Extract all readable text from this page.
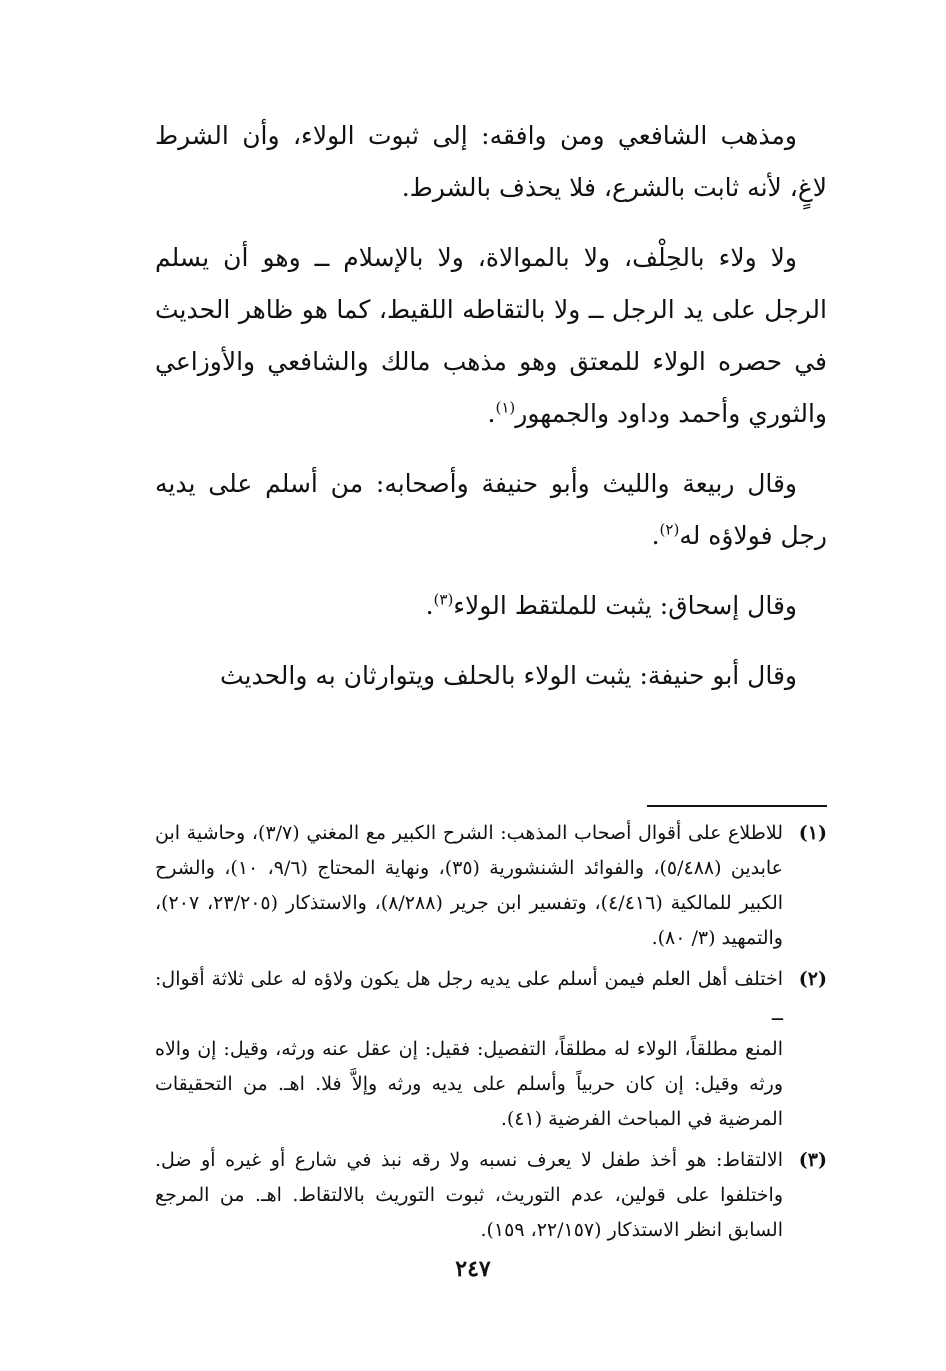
ومذهب الشافعي ومن وافقه: إلى ثبوت الولاء، وأن الشرط لاغٍ، لأنه ثابت بالشرع، فلا يحذف بالشرط.

ولا ولاء بالحِلْف، ولا بالموالاة، ولا بالإسلام ــ وهو أن يسلم الرجل على يد الرجل ــ ولا بالتقاطه اللقيط، كما هو ظاهر الحديث في حصره الولاء للمعتق وهو مذهب مالك والشافعي والأوزاعي والثوري وأحمد وداود والجمهور$^{(١)}$.

وقال ربيعة والليث وأبو حنيفة وأصحابه: من أسلم على يديه رجل فولاؤه له$^{(٢)}$.

وقال إسحاق: يثبت للملتقط الولاء$^{(٣)}$.

وقال أبو حنيفة: يثبت الولاء بالحلف ويتوارثان به والحديث

(١)
للاطلاع على أقوال أصحاب المذهب: الشرح الكبير مع المغني (٣/٧)، وحاشية ابن عابدين (٥/٤٨٨)، والفوائد الشنشورية (٣٥)، ونهاية المحتاج (٩/٦، ١٠)، والشرح الكبير للمالكية (٤/٤١٦)، وتفسير ابن جرير (٨/٢٨٨)، والاستذكار (٢٣/٢٠٥، ٢٠٧)، والتمهيد (٣/ ٨٠).
(٢)
اختلف أهل العلم فيمن أسلم على يديه رجل هل يكون ولاؤه له على ثلاثة أقوال: ــ
المنع مطلقاً، الولاء له مطلقاً، التفصيل: فقيل: إن عقل عنه ورثه، وقيل: إن والاه ورثه وقيل: إن كان حربياً وأسلم على يديه ورثه وإلاَّ فلا. اهـ. من التحقيقات المرضية في المباحث الفرضية (٤١).
(٣)
الالتقاط: هو أخذ طفل لا يعرف نسبه ولا رقه نبذ في شارع أو غيره أو ضل. واختلفوا على قولين، عدم التوريث، ثبوت التوريث بالالتقاط. اهـ. من المرجع السابق انظر الاستذكار (٢٢/١٥٧، ١٥٩).
٢٤٧
